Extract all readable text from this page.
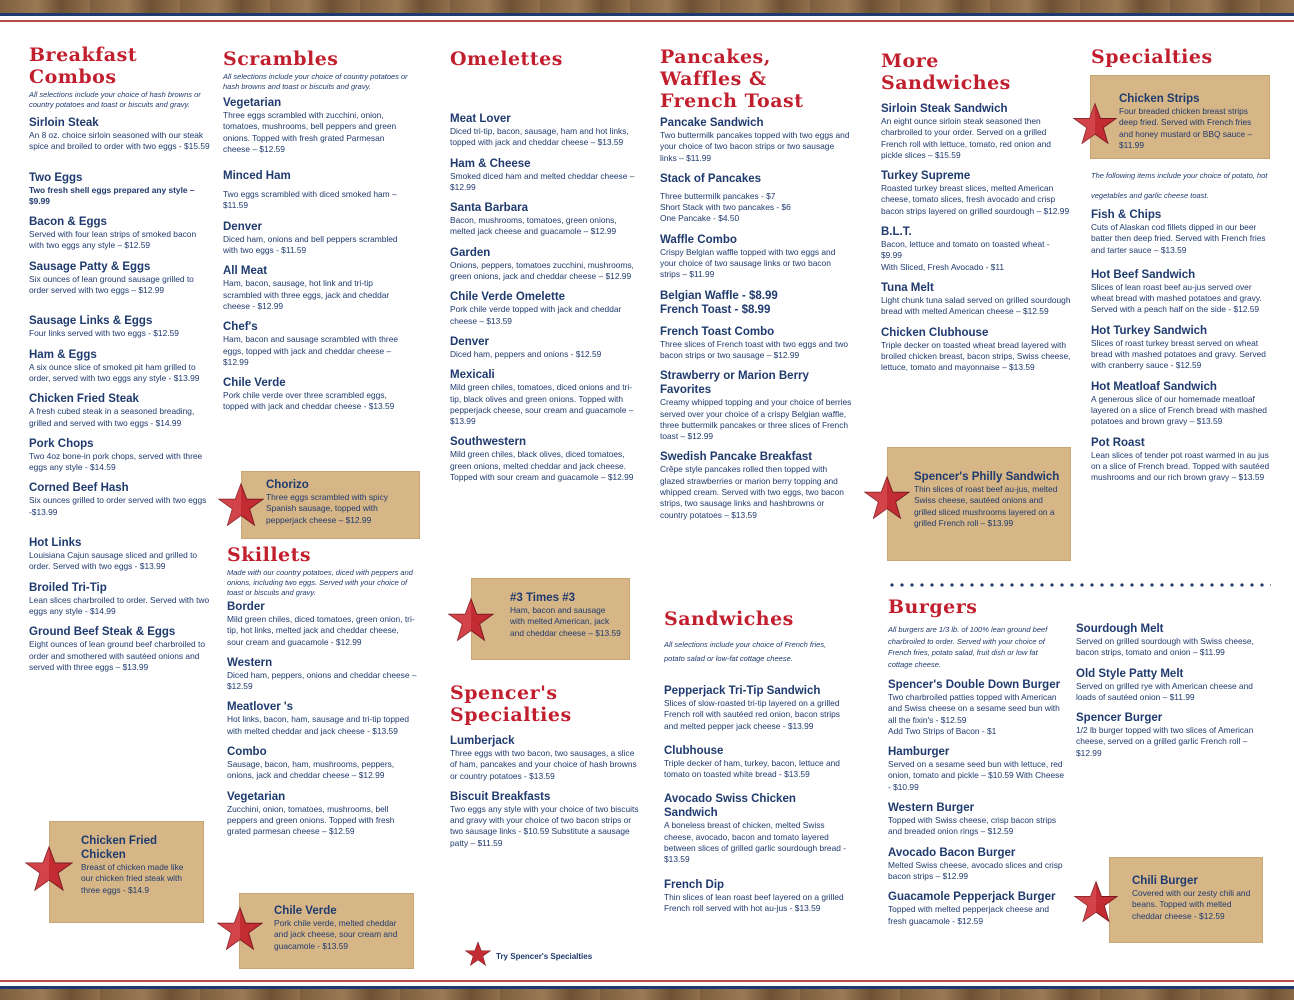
Breakfast
Combos
All selections include your choice of hash browns or country potatoes and toast or biscuits and gravy.
Sirloin Steak
An 8 oz. choice sirloin seasoned with our steak spice and broiled to order with two eggs - $15.59
Two Eggs
Two fresh shell eggs prepared any style – $9.99
Bacon & Eggs
Served with four lean strips of smoked bacon with two eggs any style – $12.59
Sausage Patty & Eggs
Six ounces of lean ground sausage grilled to order served with two eggs – $12.99
Sausage Links & Eggs
Four links served with two eggs - $12.59
Ham & Eggs
A six ounce slice of smoked pit ham grilled to order, served with two eggs any style - $13.99
Chicken Fried Steak
A fresh cubed steak in a seasoned breading, grilled and served with two eggs - $14.99
Pork Chops
Two 4oz bone-in pork chops, served with three eggs any style - $14.59
Corned Beef Hash
Six ounces grilled to order served with two eggs -$13.99
Hot Links
Louisiana Cajun sausage sliced and grilled to order. Served with two eggs - $13.99
Broiled Tri-Tip
Lean slices charbroiled to order. Served with two eggs any style - $14.99
Ground Beef Steak & Eggs
Eight ounces of lean ground beef charbroiled to order and smothered with sautéed onions and served with three eggs – $13.99
Chicken Fried Chicken
Breast of chicken made like our chicken fried steak with three eggs - $14.9
Scrambles
All selections include your choice of country potatoes or hash browns and toast or biscuits and gravy.
Vegetarian
Three eggs scrambled with zucchini, onion, tomatoes, mushrooms, bell peppers and green onions. Topped with fresh grated Parmesan cheese – $12.59
Minced Ham
Two eggs scrambled with diced smoked ham – $11.59
Denver
Diced ham, onions and bell peppers scrambled with two eggs - $11.59
All Meat
Ham, bacon, sausage, hot link and tri-tip scrambled with three eggs, jack and cheddar cheese - $12.99
Chef's
Ham, bacon and sausage scrambled with three eggs, topped with jack and cheddar cheese – $12.99
Chile Verde
Pork chile verde over three scrambled eggs, topped with jack and cheddar cheese - $13.59
Chorizo
Three eggs scrambled with spicy Spanish sausage, topped with pepperjack cheese – $12.99
Skillets
Made with our country potatoes, diced with peppers and onions, including two eggs. Served with your choice of toast or biscuits and gravy.
Border
Mild green chiles, diced tomatoes, green onion, tri-tip, hot links, melted jack and cheddar cheese, sour cream and guacamole - $12.99
Western
Diced ham, peppers, onions and cheddar cheese – $12.59
Meatlover 's
Hot links, bacon, ham, sausage and tri-tip topped with melted cheddar and jack cheese - $13.59
Combo
Sausage, bacon, ham, mushrooms, peppers, onions, jack and cheddar cheese – $12.99
Vegetarian
Zucchini, onion, tomatoes, mushrooms, bell peppers and green onions. Topped with fresh grated parmesan cheese – $12.59
Chile Verde
Pork chile verde, melted cheddar and jack cheese, sour cream and guacamole - $13.59
Omelettes
Meat Lover
Diced tri-tip, bacon, sausage, ham and hot links, topped with jack and cheddar cheese – $13.59
Ham & Cheese
Smoked diced ham and melted cheddar cheese – $12.99
Santa Barbara
Bacon, mushrooms, tomatoes, green onions, melted jack cheese and guacamole – $12.99
Garden
Onions, peppers, tomatoes zucchini, mushrooms, green onions, jack and cheddar cheese – $12.99
Chile Verde Omelette
Pork chile verde topped with jack and cheddar cheese – $13.59
Denver
Diced ham, peppers and onions - $12.59
Mexicali
Mild green chiles, tomatoes, diced onions and tri-tip, black olives and green onions. Topped with pepperjack cheese, sour cream and guacamole – $13.99
Southwestern
Mild green chiles, black olives, diced tomatoes, green onions, melted cheddar and jack cheese. Topped with sour cream and guacamole – $12.99
#3 Times #3
Ham, bacon and sausage with melted American, jack and cheddar cheese – $13.59
Spencer's
Specialties
Lumberjack
Three eggs with two bacon, two sausages, a slice of ham, pancakes and your choice of hash browns or country potatoes - $13.59
Biscuit Breakfasts
Two eggs any style with your choice of two biscuits and gravy with your choice of two bacon strips or two sausage links - $10.59 Substitute a sausage patty – $11.59
Try Spencer's Specialties
Pancakes,
Waffles &
French Toast
Pancake Sandwich
Two buttermilk pancakes topped with two eggs and your choice of two bacon strips or two sausage links – $11.99
Stack of Pancakes
Three buttermilk pancakes - $7
Short Stack with two pancakes - $6
One Pancake - $4.50
Waffle Combo
Crispy Belgian waffle topped with two eggs and your choice of two sausage links or two bacon strips – $11.99
Belgian Waffle - $8.99
French Toast - $8.99
French Toast Combo
Three slices of French toast with two eggs and two bacon strips or two sausage – $12.99
Strawberry or Marion Berry Favorites
Creamy whipped topping and your choice of berries served over your choice of a crispy Belgian waffle, three buttermilk pancakes or three slices of French toast – $12.99
Swedish Pancake Breakfast
Crêpe style pancakes rolled then topped with glazed strawberries or marion berry topping and whipped cream. Served with two eggs, two bacon strips, two sausage links and hashbrowns or country potatoes – $13.59
Sandwiches
All selections include your choice of French fries, potato salad or low-fat cottage cheese.
Pepperjack Tri-Tip Sandwich
Slices of slow-roasted tri-tip layered on a grilled French roll with sautéed red onion, bacon strips and melted pepper jack cheese - $13.99
Clubhouse
Triple decker of ham, turkey, bacon, lettuce and tomato on toasted white bread - $13.59
Avocado Swiss Chicken Sandwich
A boneless breast of chicken, melted Swiss cheese, avocado, bacon and tomato layered between slices of grilled garlic sourdough bread - $13.59
French Dip
Thin slices of lean roast beef layered on a grilled French roll served with hot au-jus - $13.59
More Sandwiches
Sirloin Steak Sandwich
An eight ounce sirloin steak seasoned then charbroiled to your order. Served on a grilled French roll with lettuce, tomato, red onion and pickle slices – $15.59
Turkey Supreme
Roasted turkey breast slices, melted American cheese, tomato slices, fresh avocado and crisp bacon strips layered on grilled sourdough – $12.99
B.L.T.
Bacon, lettuce and tomato on toasted wheat - $9.99
With Sliced, Fresh Avocado - $11
Tuna Melt
Light chunk tuna salad served on grilled sourdough bread with melted American cheese – $12.59
Chicken Clubhouse
Triple decker on toasted wheat bread layered with broiled chicken breast, bacon strips, Swiss cheese, lettuce, tomato and mayonnaise – $13.59
Spencer's Philly Sandwich
Thin slices of roast beef au-jus, melted Swiss cheese, sautéed onions and grilled sliced mushrooms layered on a grilled French roll – $13.99
Specialties
Chicken Strips
Four breaded chicken breast strips deep fried. Served with French fries and honey mustard or BBQ sauce – $11.99
The following items include your choice of potato, hot vegetables and garlic cheese toast.
Fish & Chips
Cuts of Alaskan cod fillets dipped in our beer batter then deep fried. Served with French fries and tarter sauce – $13.59
Hot Beef Sandwich
Slices of lean roast beef au-jus served over wheat bread with mashed potatoes and gravy. Served with a peach half on the side - $12.59
Hot Turkey Sandwich
Slices of roast turkey breast served on wheat bread with mashed potatoes and gravy. Served with cranberry sauce - $12.59
Hot Meatloaf Sandwich
A generous slice of our homemade meatloaf layered on a slice of French bread with mashed potatoes and brown gravy – $13.59
Pot Roast
Lean slices of tender pot roast warmed in au jus on a slice of French bread. Topped with sautéed mushrooms and our rich brown gravy – $13.59
Burgers
All burgers are 1/3 lb. of 100% lean ground beef charbroiled to order. Served with your choice of French fries, potato salad, fruit dish or low fat cottage cheese.
Spencer's Double Down Burger
Two charbroiled patties topped with American and Swiss cheese on a sesame seed bun with all the fixin's - $12.59
Add Two Strips of Bacon - $1
Hamburger
Served on a sesame seed bun with lettuce, red onion, tomato and pickle – $10.59 With Cheese - $10.99
Western Burger
Topped with Swiss cheese, crisp bacon strips and breaded onion rings – $12.59
Avocado Bacon Burger
Melted Swiss cheese, avocado slices and crisp bacon strips – $12.99
Guacamole Pepperjack Burger
Topped with melted pepperjack cheese and fresh guacamole - $12.59
Sourdough Melt
Served on grilled sourdough with Swiss cheese, bacon strips, tomato and onion – $11.99
Old Style Patty Melt
Served on grilled rye with American cheese and loads of sautéed onion – $11.99
Spencer Burger
1/2 lb burger topped with two slices of American cheese, served on a grilled garlic French roll – $12.99
Chili Burger
Covered with our zesty chili and beans. Topped with melted cheddar cheese - $12.59
